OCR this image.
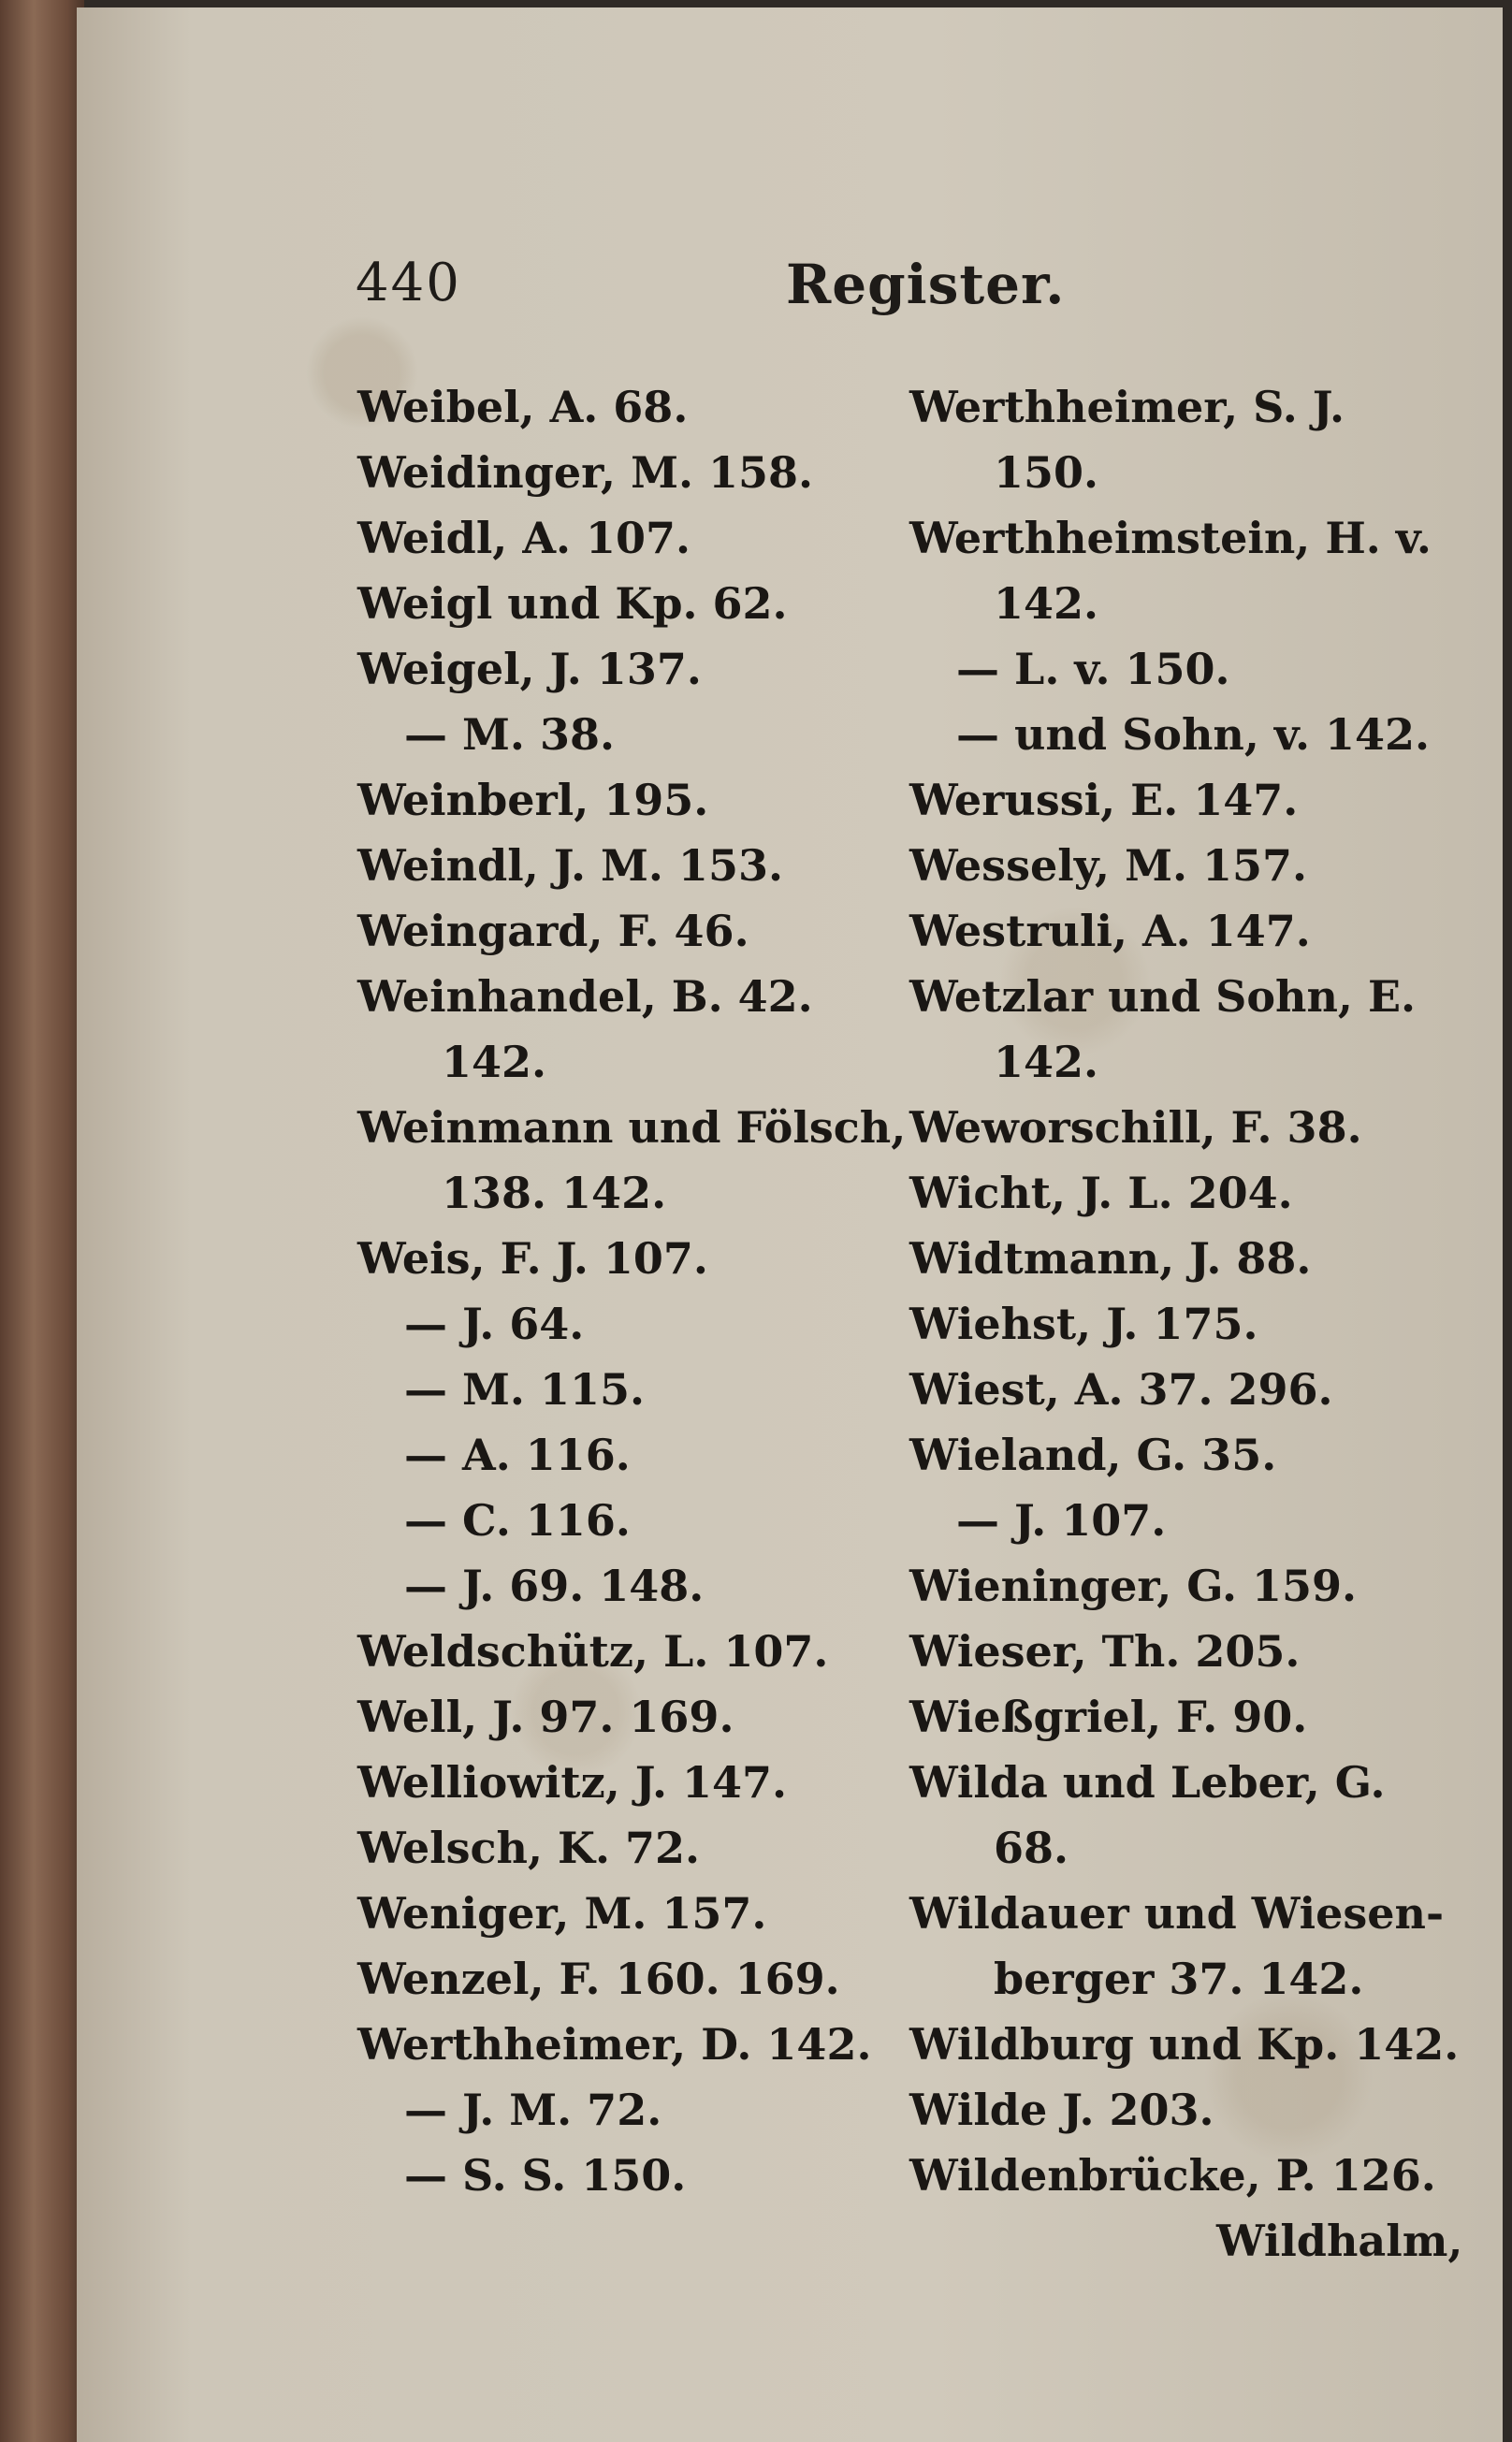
440	Register.
Weibel, A. 68.
Weidinger, M. 158.
Weidl, A. 107.
Weigl und Kp. 62.
Weigel, J. 137.
— M. 38.
Weinberl, 195.
Weindl, J. M. 153.
Weingard, F. 46.
Weinhandel, B. 42.
142.
Weinmann und Fölsch,
138. 142.
Weis, F. J. 107.
— J. 64.
— M. 115.
— A. 116.
— C. 116.
— J. 69. 148.
Weldschütz, L. 107.
Well, J. 97. 169.
Welliowitz, J. 147.
Welsch, K. 72.
Weniger, M. 157.
Wenzel, F. 160. 169.
Werthheimer, D. 142.
— J. M. 72.
— S. S. 150.
Werthheimer, S. J.
150.
Werthheimstein, H. v.
142.
— L. v. 150.
— und Sohn, v. 142.
Werussi, E. 147.
Wessely, M. 157.
Westruli, A. 147.
Wetzlar und Sohn, E.
142.
Weworschill, F. 38.
Wicht, J. L. 204.
Widtmann, J. 88.
Wiehst, J. 175.
Wiest, A. 37. 296.
Wieland, G. 35.
— J. 107.
Wieninger, G. 159.
Wieser, Th. 205.
Wießgriel, F. 90.
Wilda und Leber, G.
68.
Wildauer und Wiesen-
berger 37. 142.
Wildburg und Kp. 142.
Wilde J. 203.
Wildenbrücke, P. 126.
Wildhalm,
